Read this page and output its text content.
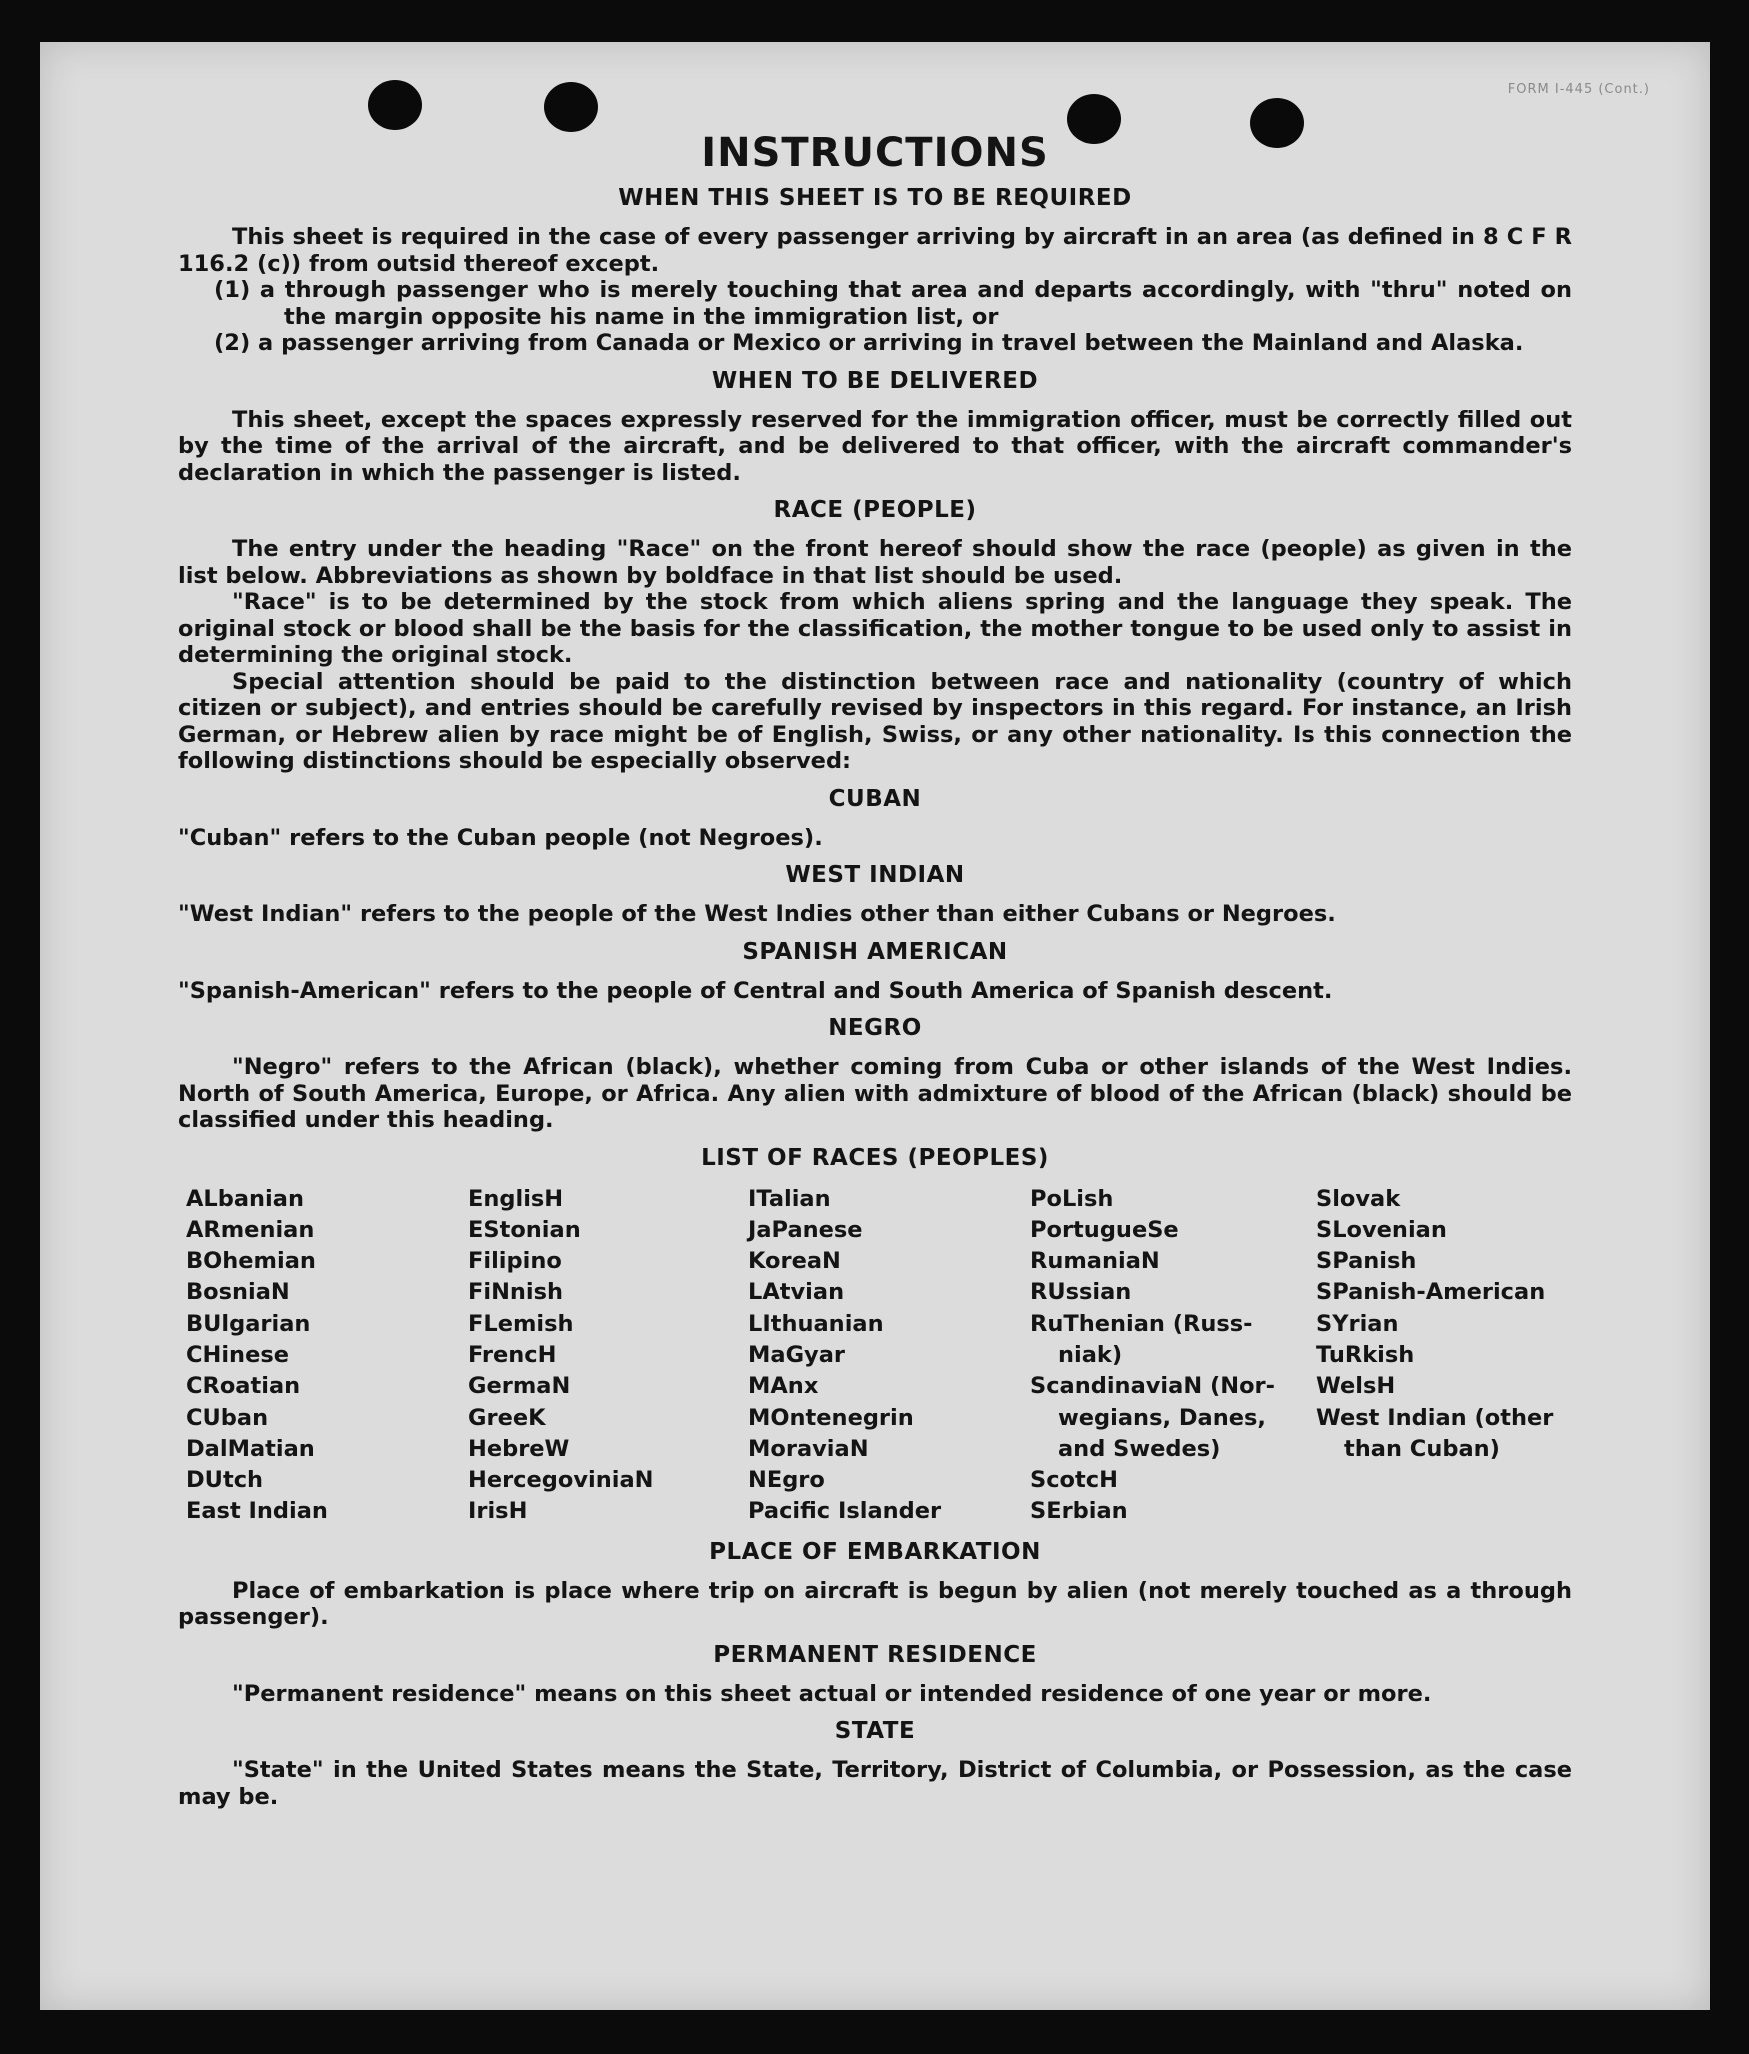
FORM I-445 (Cont.)
INSTRUCTIONS
WHEN THIS SHEET IS TO BE REQUIRED

This sheet is required in the case of every passenger arriving by aircraft in an area (as defined in 8 C F R 116.2 (c)) from outsid thereof except.

(1) a through passenger who is merely touching that area and departs accordingly, with "thru" noted on the margin opposite his name in the immigration list, or

(2) a passenger arriving from Canada or Mexico or arriving in travel between the Mainland and Alaska.

WHEN TO BE DELIVERED

This sheet, except the spaces expressly reserved for the immigration officer, must be correctly filled out by the time of the arrival of the aircraft, and be delivered to that officer, with the aircraft commander's declaration in which the passenger is listed.

RACE (PEOPLE)

The entry under the heading "Race" on the front hereof should show the race (people) as given in the list below. Abbreviations as shown by boldface in that list should be used.

"Race" is to be determined by the stock from which aliens spring and the language they speak. The original stock or blood shall be the basis for the classification, the mother tongue to be used only to assist in determining the original stock.

Special attention should be paid to the distinction between race and nationality (country of which citizen or subject), and entries should be carefully revised by inspectors in this regard. For instance, an Irish German, or Hebrew alien by race might be of English, Swiss, or any other nationality. Is this connection the following distinctions should be especially observed:

CUBAN

"Cuban" refers to the Cuban people (not Negroes).

WEST INDIAN

"West Indian" refers to the people of the West Indies other than either Cubans or Negroes.

SPANISH AMERICAN

"Spanish-American" refers to the people of Central and South America of Spanish descent.

NEGRO

"Negro" refers to the African (black), whether coming from Cuba or other islands of the West Indies. North of South America, Europe, or Africa. Any alien with admixture of blood of the African (black) should be classified under this heading.

LIST OF RACES (PEOPLES)
ALbanian
ARmenian
BOhemian
BosniaN
BUlgarian
CHinese
CRoatian
CUban
DalMatian
DUtch
East Indian
EnglisH
EStonian
Filipino
FiNnish
FLemish
FrencH
GermaN
GreeK
HebreW
HercegoviniaN
IrisH
ITalian
JaPanese
KoreaN
LAtvian
LIthuanian
MaGyar
MAnx
MOntenegrin
MoraviaN
NEgro
Pacific Islander
PoLish
PortugueSe
RumaniaN
RUssian
RuThenian (Russ-
niak)
ScandinaviaN (Nor-
wegians, Danes,
and Swedes)
ScotcH
SErbian
Slovak
SLovenian
SPanish
SPanish-American
SYrian
TuRkish
WelsH
West Indian (other
than Cuban)
PLACE OF EMBARKATION

Place of embarkation is place where trip on aircraft is begun by alien (not merely touched as a through passenger).

PERMANENT RESIDENCE

"Permanent residence" means on this sheet actual or intended residence of one year or more.

STATE

"State" in the United States means the State, Territory, District of Columbia, or Possession, as the case may be.
